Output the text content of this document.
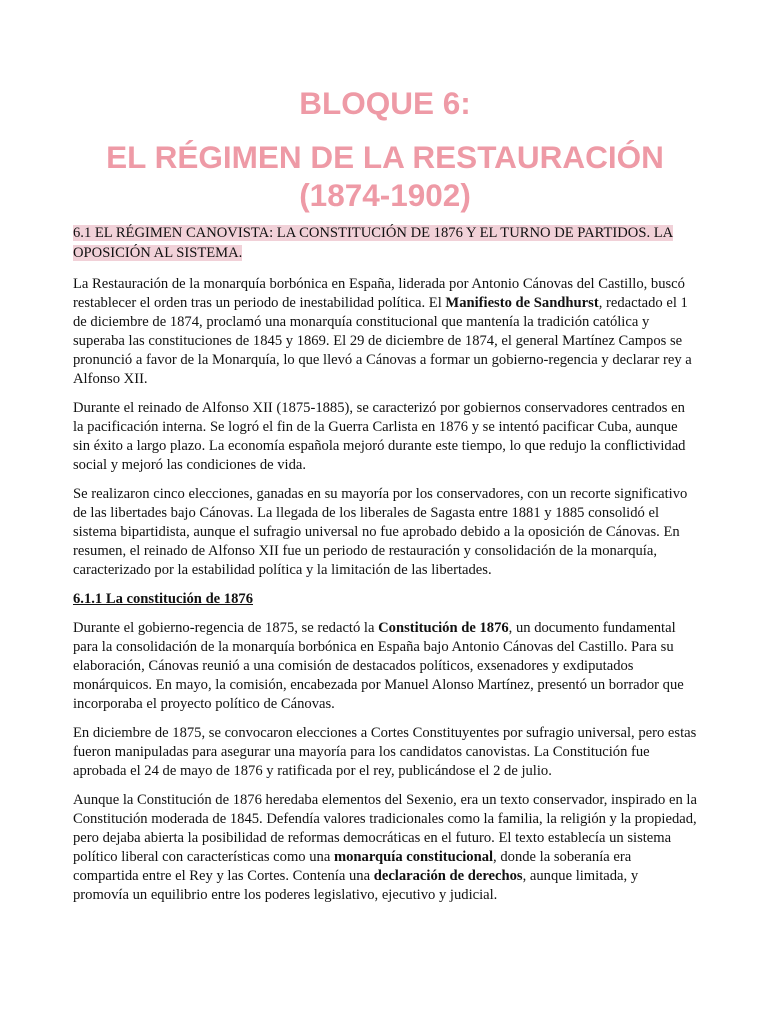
BLOQUE 6:
EL RÉGIMEN DE LA RESTAURACIÓN (1874-1902)
6.1 EL RÉGIMEN CANOVISTA: LA CONSTITUCIÓN DE 1876 Y EL TURNO DE PARTIDOS. LA OPOSICIÓN AL SISTEMA.

La Restauración de la monarquía borbónica en España, liderada por Antonio Cánovas del Castillo, buscó restablecer el orden tras un periodo de inestabilidad política. El Manifiesto de Sandhurst, redactado el 1 de diciembre de 1874, proclamó una monarquía constitucional que mantenía la tradición católica y superaba las constituciones de 1845 y 1869. El 29 de diciembre de 1874, el general Martínez Campos se pronunció a favor de la Monarquía, lo que llevó a Cánovas a formar un gobierno-regencia y declarar rey a Alfonso XII.

Durante el reinado de Alfonso XII (1875-1885), se caracterizó por gobiernos conservadores centrados en la pacificación interna. Se logró el fin de la Guerra Carlista en 1876 y se intentó pacificar Cuba, aunque sin éxito a largo plazo. La economía española mejoró durante este tiempo, lo que redujo la conflictividad social y mejoró las condiciones de vida.

Se realizaron cinco elecciones, ganadas en su mayoría por los conservadores, con un recorte significativo de las libertades bajo Cánovas. La llegada de los liberales de Sagasta entre 1881 y 1885 consolidó el sistema bipartidista, aunque el sufragio universal no fue aprobado debido a la oposición de Cánovas. En resumen, el reinado de Alfonso XII fue un periodo de restauración y consolidación de la monarquía, caracterizado por la estabilidad política y la limitación de las libertades.

6.1.1 La constitución de 1876

Durante el gobierno-regencia de 1875, se redactó la Constitución de 1876, un documento fundamental para la consolidación de la monarquía borbónica en España bajo Antonio Cánovas del Castillo. Para su elaboración, Cánovas reunió a una comisión de destacados políticos, exsenadores y exdiputados monárquicos. En mayo, la comisión, encabezada por Manuel Alonso Martínez, presentó un borrador que incorporaba el proyecto político de Cánovas.

En diciembre de 1875, se convocaron elecciones a Cortes Constituyentes por sufragio universal, pero estas fueron manipuladas para asegurar una mayoría para los candidatos canovistas. La Constitución fue aprobada el 24 de mayo de 1876 y ratificada por el rey, publicándose el 2 de julio.

Aunque la Constitución de 1876 heredaba elementos del Sexenio, era un texto conservador, inspirado en la Constitución moderada de 1845. Defendía valores tradicionales como la familia, la religión y la propiedad, pero dejaba abierta la posibilidad de reformas democráticas en el futuro. El texto establecía un sistema político liberal con características como una monarquía constitucional, donde la soberanía era compartida entre el Rey y las Cortes. Contenía una declaración de derechos, aunque limitada, y promovía un equilibrio entre los poderes legislativo, ejecutivo y judicial.
